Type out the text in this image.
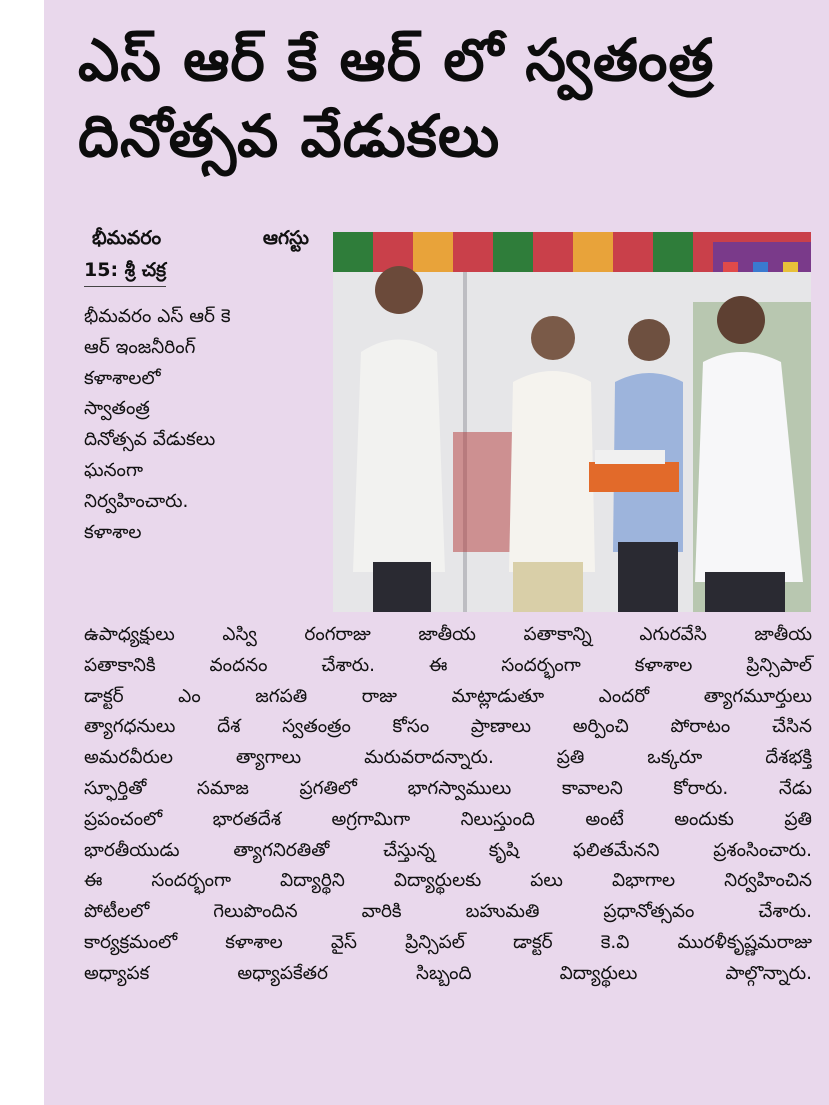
ఎస్ ఆర్ కే ఆర్ లో స్వతంత్ర
దినోత్సవ వేడుకలు
భీమవరం	ఆగస్టు
15: శ్రీ చక్ర
భీమవరం ఎస్ ఆర్ కె
ఆర్ ఇంజనీరింగ్
కళాశాలలో
స్వాతంత్ర
దినోత్సవ వేడుకలు
ఘనంగా
నిర్వహించారు.
కళాశాల
ఉపాధ్యక్షులు ఎస్వి రంగరాజు జాతీయ పతాకాన్ని ఎగురవేసి జాతీయ
పతాకానికి వందనం చేశారు. ఈ సందర్భంగా కళాశాల ప్రిన్సిపాల్
డాక్టర్ ఎం జగపతి రాజు మాట్లాడుతూ ఎందరో త్యాగమూర్తులు
త్యాగధనులు దేశ స్వతంత్రం కోసం ప్రాణాలు అర్పించి పోరాటం చేసిన
అమరవీరుల త్యాగాలు మరువరాదన్నారు. ప్రతి ఒక్కరూ దేశభక్తి
స్ఫూర్తితో సమాజ ప్రగతిలో భాగస్వాములు కావాలని కోరారు. నేడు
ప్రపంచంలో భారతదేశ అగ్రగామిగా నిలుస్తుంది అంటే అందుకు ప్రతి
భారతీయుడు త్యాగనిరతితో చేస్తున్న కృషి ఫలితమేనని ప్రశంసించారు.
ఈ సందర్భంగా విద్యార్థిని విద్యార్థులకు పలు విభాగాల నిర్వహించిన
పోటీలలో గెలుపొందిన వారికి బహుమతి ప్రధానోత్సవం చేశారు.
కార్యక్రమంలో కళాశాల వైస్ ప్రిన్సిపల్ డాక్టర్ కె.వి మురళీకృష్ణమరాజు
అధ్యాపక అధ్యాపకేతర సిబ్బంది విద్యార్థులు పాల్గొన్నారు.
